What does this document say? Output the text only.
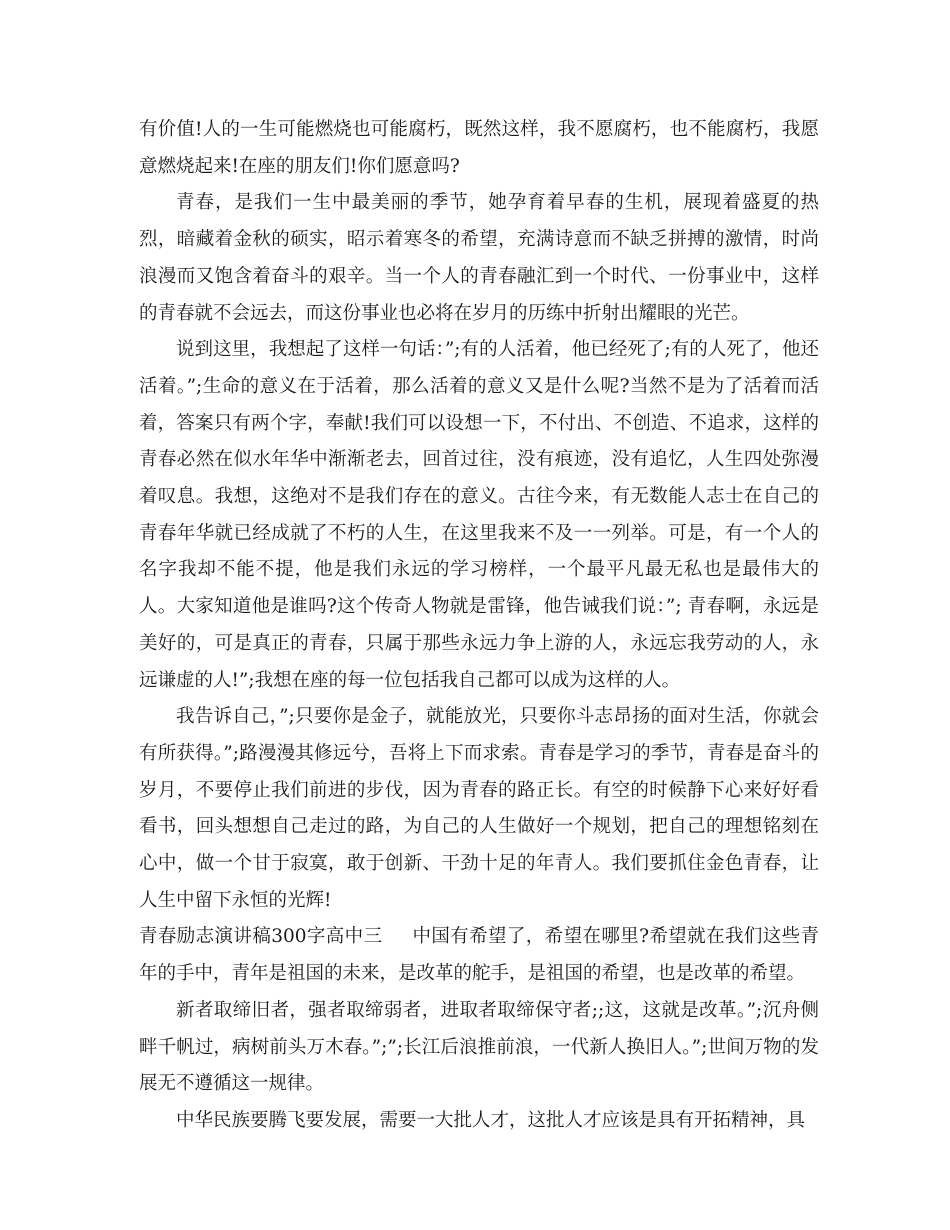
有价值!人的一生可能燃烧也可能腐朽，既然这样，我不愿腐朽，也不能腐朽，我愿意燃烧起来!在座的朋友们!你们愿意吗?

青春，是我们一生中最美丽的季节，她孕育着早春的生机，展现着盛夏的热烈，暗藏着金秋的硕实，昭示着寒冬的希望，充满诗意而不缺乏拼搏的激情，时尚浪漫而又饱含着奋斗的艰辛。当一个人的青春融汇到一个时代、一份事业中，这样的青春就不会远去，而这份事业也必将在岁月的历练中折射出耀眼的光芒。

说到这里，我想起了这样一句话：”;有的人活着，他已经死了;有的人死了，他还活着。”;生命的意义在于活着，那么活着的意义又是什么呢?当然不是为了活着而活着，答案只有两个字，奉献!我们可以设想一下，不付出、不创造、不追求，这样的青春必然在似水年华中渐渐老去，回首过往，没有痕迹，没有追忆，人生四处弥漫着叹息。我想，这绝对不是我们存在的意义。古往今来，有无数能人志士在自己的青春年华就已经成就了不朽的人生，在这里我来不及一一列举。可是，有一个人的名字我却不能不提，他是我们永远的学习榜样，一个最平凡最无私也是最伟大的人。大家知道他是谁吗?这个传奇人物就是雷锋，他告诫我们说：”; 青春啊，永远是美好的，可是真正的青春，只属于那些永远力争上游的人，永远忘我劳动的人，永远谦虚的人!”;我想在座的每一位包括我自己都可以成为这样的人。

我告诉自己，”;只要你是金子，就能放光，只要你斗志昂扬的面对生活，你就会有所获得。”;路漫漫其修远兮，吾将上下而求索。青春是学习的季节，青春是奋斗的岁月，不要停止我们前进的步伐，因为青春的路正长。有空的时候静下心来好好看看书，回头想想自己走过的路，为自己的人生做好一个规划，把自己的理想铭刻在心中，做一个甘于寂寞，敢于创新、干劲十足的年青人。我们要抓住金色青春，让人生中留下永恒的光辉!

青春励志演讲稿300字高中三 中国有希望了，希望在哪里?希望就在我们这些青年的手中，青年是祖国的未来，是改革的舵手，是祖国的希望，也是改革的希望。

新者取缔旧者，强者取缔弱者，进取者取缔保守者;;这，这就是改革。”;沉舟侧畔千帆过，病树前头万木春。”;”;长江后浪推前浪，一代新人换旧人。”;世间万物的发展无不遵循这一规律。

中华民族要腾飞要发展，需要一大批人才，这批人才应该是具有开拓精神，具
